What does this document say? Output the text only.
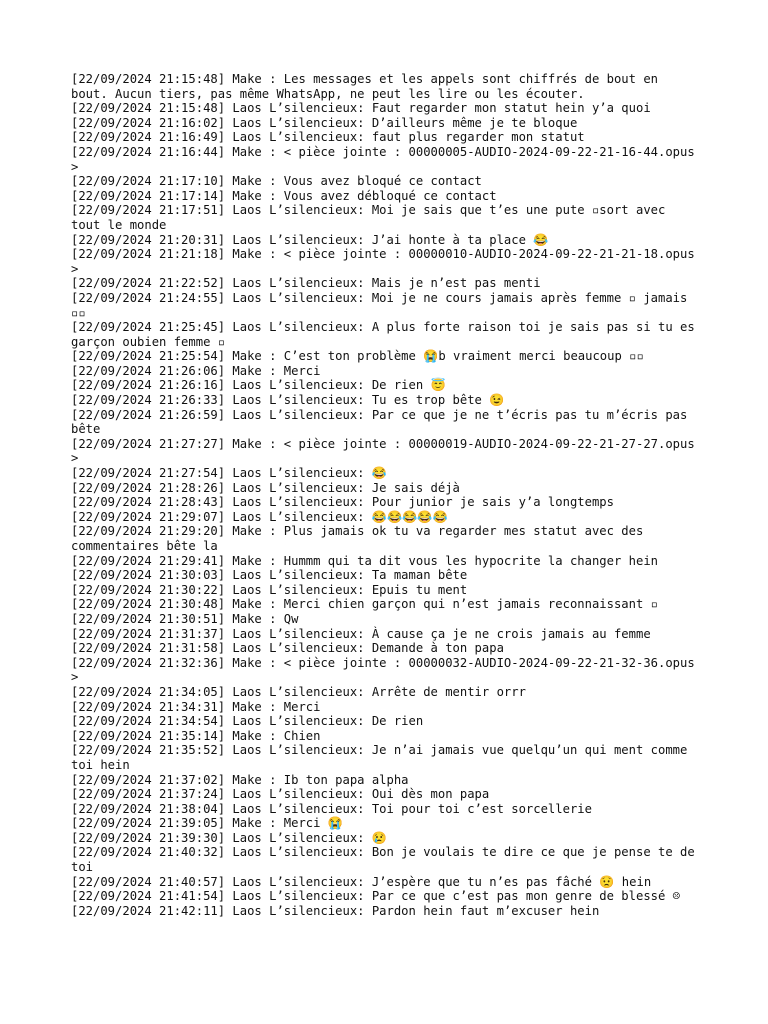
[22/09/2024 21:15:48] Make : Les messages et les appels sont chiffrés de bout en bout. Aucun tiers, pas même WhatsApp, ne peut les lire ou les écouter.
[22/09/2024 21:15:48] Laos L’silencieux: Faut regarder mon statut hein y’a quoi
[22/09/2024 21:16:02] Laos L’silencieux: D’ailleurs même je te bloque
[22/09/2024 21:16:49] Laos L’silencieux: faut plus regarder mon statut
[22/09/2024 21:16:44] Make : < pièce jointe : 00000005-AUDIO-2024-09-22-21-16-44.opus >
[22/09/2024 21:17:10] Make : Vous avez bloqué ce contact
[22/09/2024 21:17:14] Make : Vous avez débloqué ce contact
[22/09/2024 21:17:51] Laos L’silencieux: Moi je sais que t’es une pute ▫sort avec tout le monde
[22/09/2024 21:20:31] Laos L’silencieux: J’ai honte à ta place 😂
[22/09/2024 21:21:18] Make : < pièce jointe : 00000010-AUDIO-2024-09-22-21-21-18.opus >
[22/09/2024 21:22:52] Laos L’silencieux: Mais je n’est pas menti
[22/09/2024 21:24:55] Laos L’silencieux: Moi je ne cours jamais après femme ▫ jamais ▫▫
[22/09/2024 21:25:45] Laos L’silencieux: A plus forte raison toi je sais pas si tu es garçon oubien femme ▫
[22/09/2024 21:25:54] Make : C’est ton problème 😭b vraiment merci beaucoup ▫▫
[22/09/2024 21:26:06] Make : Merci
[22/09/2024 21:26:16] Laos L’silencieux: De rien 😇
[22/09/2024 21:26:33] Laos L’silencieux: Tu es trop bête 😉
[22/09/2024 21:26:59] Laos L’silencieux: Par ce que je ne t’écris pas tu m’écris pas bête
[22/09/2024 21:27:27] Make : < pièce jointe : 00000019-AUDIO-2024-09-22-21-27-27.opus >
[22/09/2024 21:27:54] Laos L’silencieux: 😂
[22/09/2024 21:28:26] Laos L’silencieux: Je sais déjà
[22/09/2024 21:28:43] Laos L’silencieux: Pour junior je sais y’a longtemps
[22/09/2024 21:29:07] Laos L’silencieux: 😂😂😂😂😂
[22/09/2024 21:29:20] Make : Plus jamais ok tu va regarder mes statut avec des commentaires bête la
[22/09/2024 21:29:41] Make : Hummm qui ta dit vous les hypocrite la changer hein
[22/09/2024 21:30:03] Laos L’silencieux: Ta maman bête
[22/09/2024 21:30:22] Laos L’silencieux: Epuis tu ment
[22/09/2024 21:30:48] Make : Merci chien garçon qui n’est jamais reconnaissant ▫
[22/09/2024 21:30:51] Make : Qw
[22/09/2024 21:31:37] Laos L’silencieux: À cause ça je ne crois jamais au femme
[22/09/2024 21:31:58] Laos L’silencieux: Demande à ton papa
[22/09/2024 21:32:36] Make : < pièce jointe : 00000032-AUDIO-2024-09-22-21-32-36.opus >
[22/09/2024 21:34:05] Laos L’silencieux: Arrête de mentir orrr
[22/09/2024 21:34:31] Make : Merci
[22/09/2024 21:34:54] Laos L’silencieux: De rien
[22/09/2024 21:35:14] Make : Chien
[22/09/2024 21:35:52] Laos L’silencieux: Je n’ai jamais vue quelqu’un qui ment comme toi hein
[22/09/2024 21:37:02] Make : Ib ton papa alpha
[22/09/2024 21:37:24] Laos L’silencieux: Oui dès mon papa
[22/09/2024 21:38:04] Laos L’silencieux: Toi pour toi c’est sorcellerie
[22/09/2024 21:39:05] Make : Merci 😭
[22/09/2024 21:39:30] Laos L’silencieux: 😢
[22/09/2024 21:40:32] Laos L’silencieux: Bon je voulais te dire ce que je pense te de toi
[22/09/2024 21:40:57] Laos L’silencieux: J’espère que tu n’es pas fâché 😟 hein
[22/09/2024 21:41:54] Laos L’silencieux: Par ce que c’est pas mon genre de blessé ☹
[22/09/2024 21:42:11] Laos L’silencieux: Pardon hein faut m’excuser hein
